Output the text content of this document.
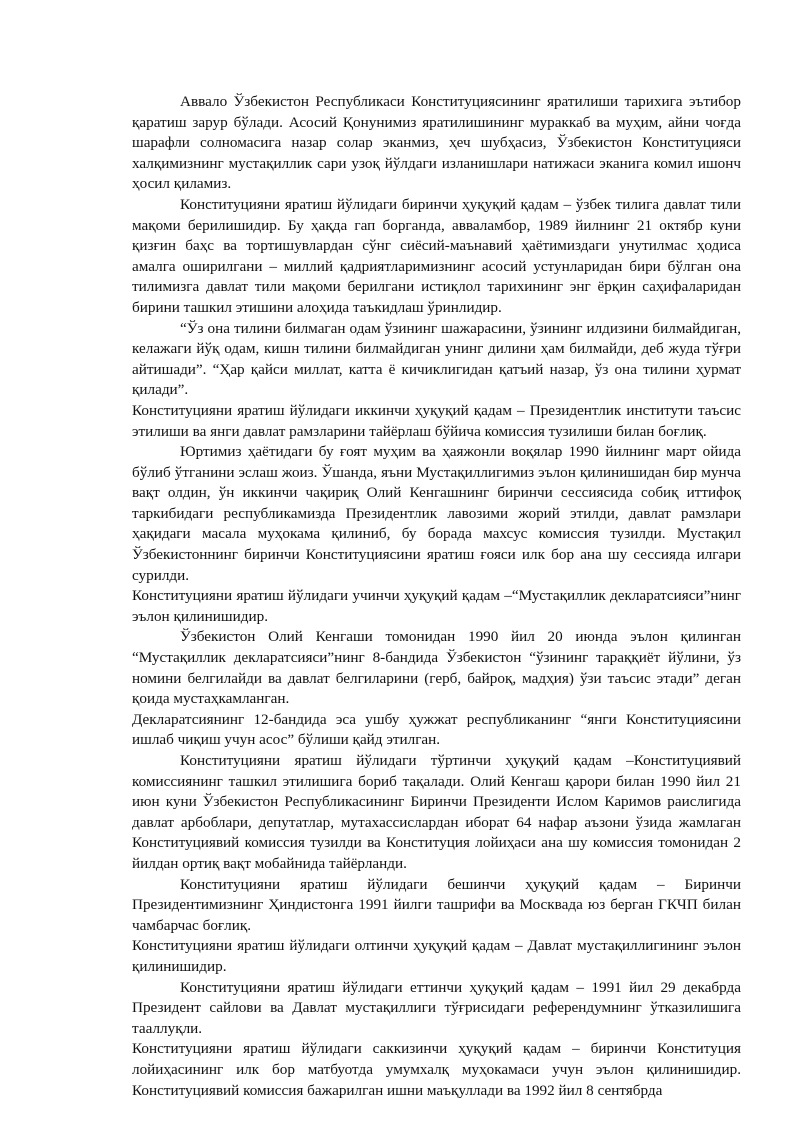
Аввало Ўзбекистон Республикаси Конституциясининг яратилиши тарихига эътибор қаратиш зарур бўлади. Асосий Қонунимиз яратилишининг мураккаб ва муҳим, айни чоғда шарафли солномасига назар солар эканмиз, ҳеч шубҳасиз, Ўзбекистон Конституцияси халқимизнинг мустақиллик сари узоқ йўлдаги изланишлари натижаси эканига комил ишонч ҳосил қиламиз.

Конституцияни яратиш йўлидаги биринчи ҳуқуқий қадам – ўзбек тилига давлат тили мақоми берилишидир. Бу ҳақда гап борганда, авваламбор, 1989 йилнинг 21 октябр куни қизғин баҳс ва тортишувлардан сўнг сиёсий-маънавий ҳаётимиздаги унутилмас ҳодиса амалга оширилгани – миллий қадриятларимизнинг асосий устунларидан бири бўлган она тилимизга давлат тили мақоми берилгани истиқлол тарихининг энг ёрқин саҳифаларидан бирини ташкил этишини алоҳида таъкидлаш ўринлидир.

“Ўз она тилини билмаган одам ўзининг шажарасини, ўзининг илдизини билмайдиган, келажаги йўқ одам, кишн тилини билмайдиган унинг дилини ҳам билмайди, деб жуда тўғри айтишади”. “Ҳар қайси миллат, катта ё кичиклигидан қатъий назар, ўз она тилини ҳурмат қилади”.

Конституцияни яратиш йўлидаги иккинчи ҳуқуқий қадам – Президентлик институти таъсис этилиши ва янги давлат рамзларини тайёрлаш бўйича комиссия тузилиши билан боғлиқ.

Юртимиз ҳаётидаги бу ғоят муҳим ва ҳаяжонли воқялар 1990 йилнинг март ойида бўлиб ўтганини эслаш жоиз. Ўшанда, яъни Мустақиллигимиз эълон қилинишидан бир мунча вақт олдин, ўн иккинчи чақириқ Олий Кенгашнинг биринчи сессиясида собиқ иттифоқ таркибидаги республикамизда Президентлик лавозими жорий этилди, давлат рамзлари ҳақидаги масала муҳокама қилиниб, бу борада махсус комиссия тузилди. Мустақил Ўзбекистоннинг биринчи Конституциясини яратиш ғояси илк бор ана шу сессияда илгари сурилди.

Конституцияни яратиш йўлидаги учинчи ҳуқуқий қадам –“Мустақиллик декларатсияси”нинг эълон қилинишидир.

Ўзбекистон Олий Кенгаши томонидан 1990 йил 20 июнда эълон қилинган “Мустақиллик декларатсияси”нинг 8-бандида Ўзбекистон “ўзининг тараққиёт йўлини, ўз номини белгилайди ва давлат белгиларини (герб, байроқ, мадҳия) ўзи таъсис этади” деган қоида мустаҳкамланган.

Декларатсиянинг 12-бандида эса ушбу ҳужжат республиканинг “янги Конституциясини ишлаб чиқиш учун асос” бўлиши қайд этилган.

Конституцияни яратиш йўлидаги тўртинчи ҳуқуқий қадам –Конституциявий комиссиянинг ташкил этилишига бориб тақалади. Олий Кенгаш қарори билан 1990 йил 21 июн куни Ўзбекистон Республикасининг Биринчи Президенти Ислом Каримов раислигида давлат арбоблари, депутатлар, мутахассислардан иборат 64 нафар аъзони ўзида жамлаган Конституциявий комиссия тузилди ва Конституция лойиҳаси ана шу комиссия томонидан 2 йилдан ортиқ вақт мобайнида тайёрланди.

Конституцияни яратиш йўлидаги бешинчи ҳуқуқий қадам – Биринчи Президентимизнинг Ҳиндистонга 1991 йилги ташрифи ва Москвада юз берган ГКЧП билан чамбарчас боғлиқ.

Конституцияни яратиш йўлидаги олтинчи ҳуқуқий қадам – Давлат мустақиллигининг эълон қилинишидир.

Конституцияни яратиш йўлидаги еттинчи ҳуқуқий қадам – 1991 йил 29 декабрда Президент сайлови ва Давлат мустақиллиги тўғрисидаги референдумнинг ўтказилишига тааллуқли.

Конституцияни яратиш йўлидаги саккизинчи ҳуқуқий қадам – биринчи Конституция лойиҳасининг илк бор матбуотда умумхалқ муҳокамаси учун эълон қилинишидир. Конституциявий комиссия бажарилган ишни маъқуллади ва 1992 йил 8 сентябрда
